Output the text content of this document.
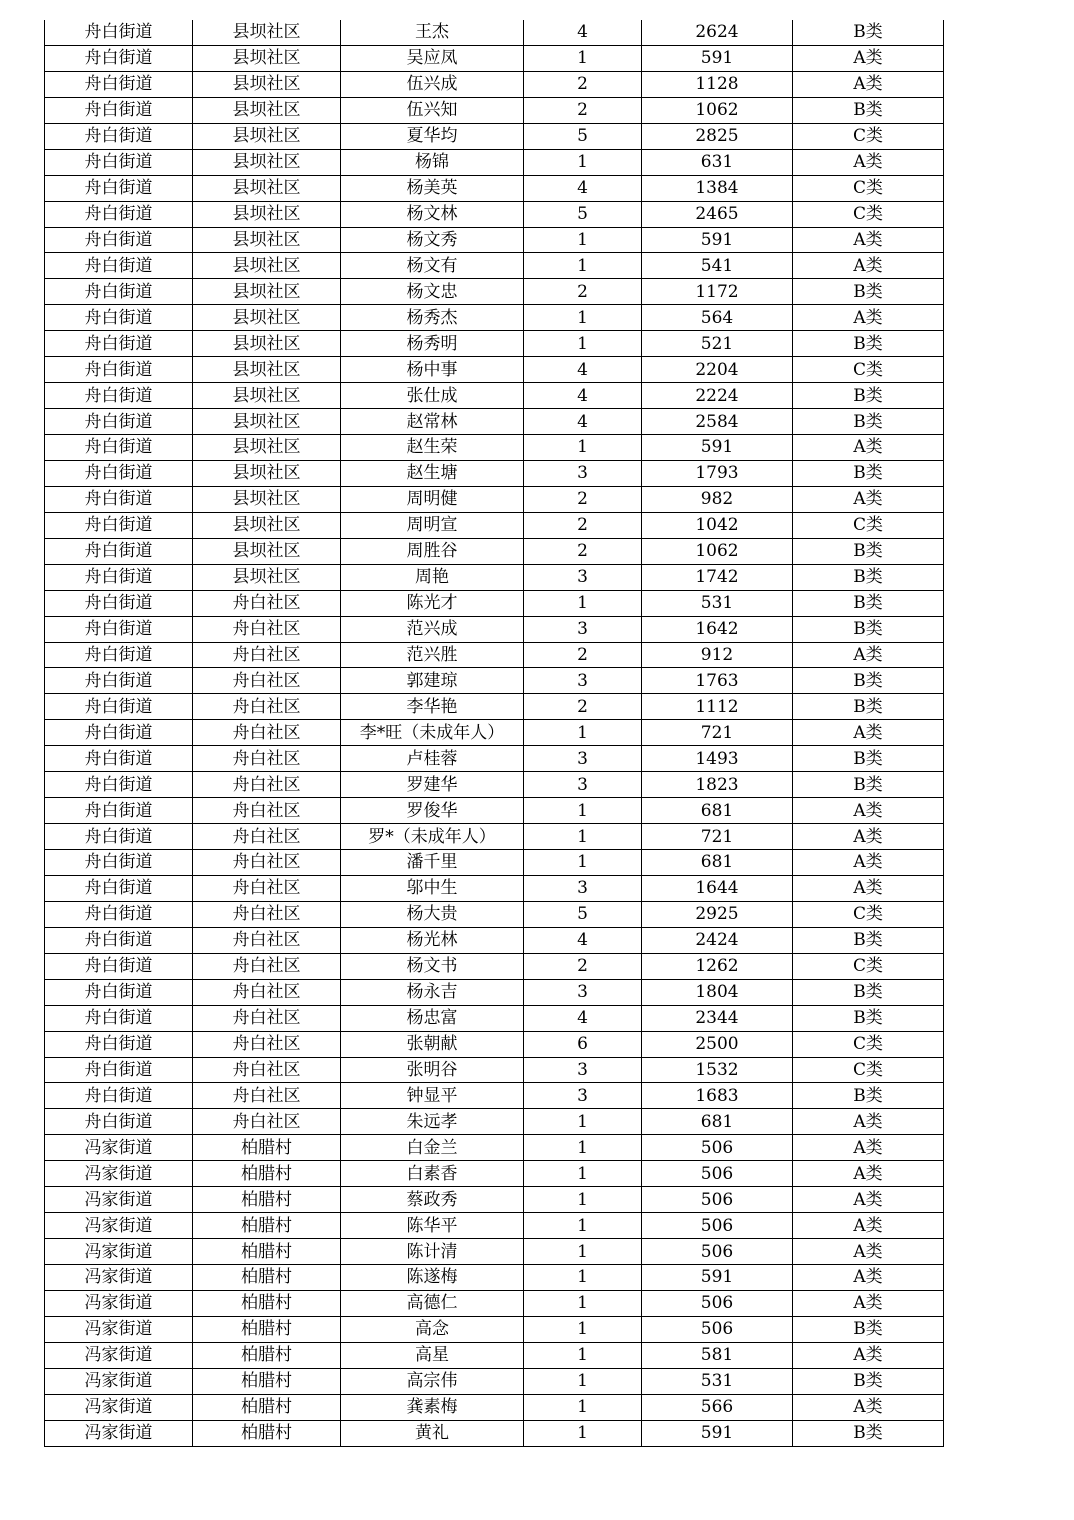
舟白街道	县坝社区	王杰	4	2624	B类
舟白街道	县坝社区	吴应凤	1	591	A类
舟白街道	县坝社区	伍兴成	2	1128	A类
舟白街道	县坝社区	伍兴知	2	1062	B类
舟白街道	县坝社区	夏华均	5	2825	C类
舟白街道	县坝社区	杨锦	1	631	A类
舟白街道	县坝社区	杨美英	4	1384	C类
舟白街道	县坝社区	杨文林	5	2465	C类
舟白街道	县坝社区	杨文秀	1	591	A类
舟白街道	县坝社区	杨文有	1	541	A类
舟白街道	县坝社区	杨文忠	2	1172	B类
舟白街道	县坝社区	杨秀杰	1	564	A类
舟白街道	县坝社区	杨秀明	1	521	B类
舟白街道	县坝社区	杨中事	4	2204	C类
舟白街道	县坝社区	张仕成	4	2224	B类
舟白街道	县坝社区	赵常林	4	2584	B类
舟白街道	县坝社区	赵生荣	1	591	A类
舟白街道	县坝社区	赵生塘	3	1793	B类
舟白街道	县坝社区	周明健	2	982	A类
舟白街道	县坝社区	周明宣	2	1042	C类
舟白街道	县坝社区	周胜谷	2	1062	B类
舟白街道	县坝社区	周艳	3	1742	B类
舟白街道	舟白社区	陈光才	1	531	B类
舟白街道	舟白社区	范兴成	3	1642	B类
舟白街道	舟白社区	范兴胜	2	912	A类
舟白街道	舟白社区	郭建琼	3	1763	B类
舟白街道	舟白社区	李华艳	2	1112	B类
舟白街道	舟白社区	李*旺（未成年人）	1	721	A类
舟白街道	舟白社区	卢桂蓉	3	1493	B类
舟白街道	舟白社区	罗建华	3	1823	B类
舟白街道	舟白社区	罗俊华	1	681	A类
舟白街道	舟白社区	罗*（未成年人）	1	721	A类
舟白街道	舟白社区	潘千里	1	681	A类
舟白街道	舟白社区	邬中生	3	1644	A类
舟白街道	舟白社区	杨大贵	5	2925	C类
舟白街道	舟白社区	杨光林	4	2424	B类
舟白街道	舟白社区	杨文书	2	1262	C类
舟白街道	舟白社区	杨永吉	3	1804	B类
舟白街道	舟白社区	杨忠富	4	2344	B类
舟白街道	舟白社区	张朝献	6	2500	C类
舟白街道	舟白社区	张明谷	3	1532	C类
舟白街道	舟白社区	钟显平	3	1683	B类
舟白街道	舟白社区	朱远孝	1	681	A类
冯家街道	柏腊村	白金兰	1	506	A类
冯家街道	柏腊村	白素香	1	506	A类
冯家街道	柏腊村	蔡政秀	1	506	A类
冯家街道	柏腊村	陈华平	1	506	A类
冯家街道	柏腊村	陈计清	1	506	A类
冯家街道	柏腊村	陈遂梅	1	591	A类
冯家街道	柏腊村	高德仁	1	506	A类
冯家街道	柏腊村	高念	1	506	B类
冯家街道	柏腊村	高星	1	581	A类
冯家街道	柏腊村	高宗伟	1	531	B类
冯家街道	柏腊村	龚素梅	1	566	A类
冯家街道	柏腊村	黄礼	1	591	B类
